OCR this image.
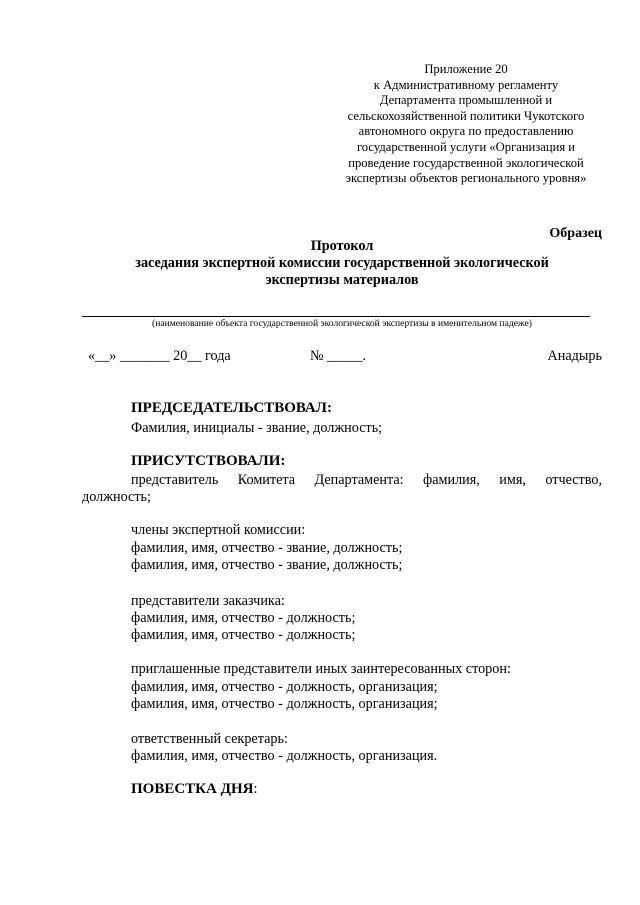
Приложение 20
к Административному регламенту
Департамента промышленной и
сельскохозяйственной политики Чукотского
автономного округа по предоставлению
государственной услуги «Организация и
проведение государственной экологической
экспертизы объектов регионального уровня»
Образец
Протокол
заседания экспертной комиссии государственной экологической
экспертизы материалов
(наименование объекта государственной экологической экспертизы в именительном падеже)
«__» _______ 20__ года	№ _____.	Анадырь
ПРЕДСЕДАТЕЛЬСТВОВАЛ:
Фамилия, инициалы - звание, должность;
ПРИСУТСТВОВАЛИ:
представитель Комитета Департамента: фамилия, имя, отчество,
должность;
члены экспертной комиссии:
фамилия, имя, отчество - звание, должность;
фамилия, имя, отчество - звание, должность;
представители заказчика:
фамилия, имя, отчество - должность;
фамилия, имя, отчество - должность;
приглашенные представители иных заинтересованных сторон:
фамилия, имя, отчество - должность, организация;
фамилия, имя, отчество - должность, организация;
ответственный секретарь:
фамилия, имя, отчество - должность, организация.
ПОВЕСТКА ДНЯ:
